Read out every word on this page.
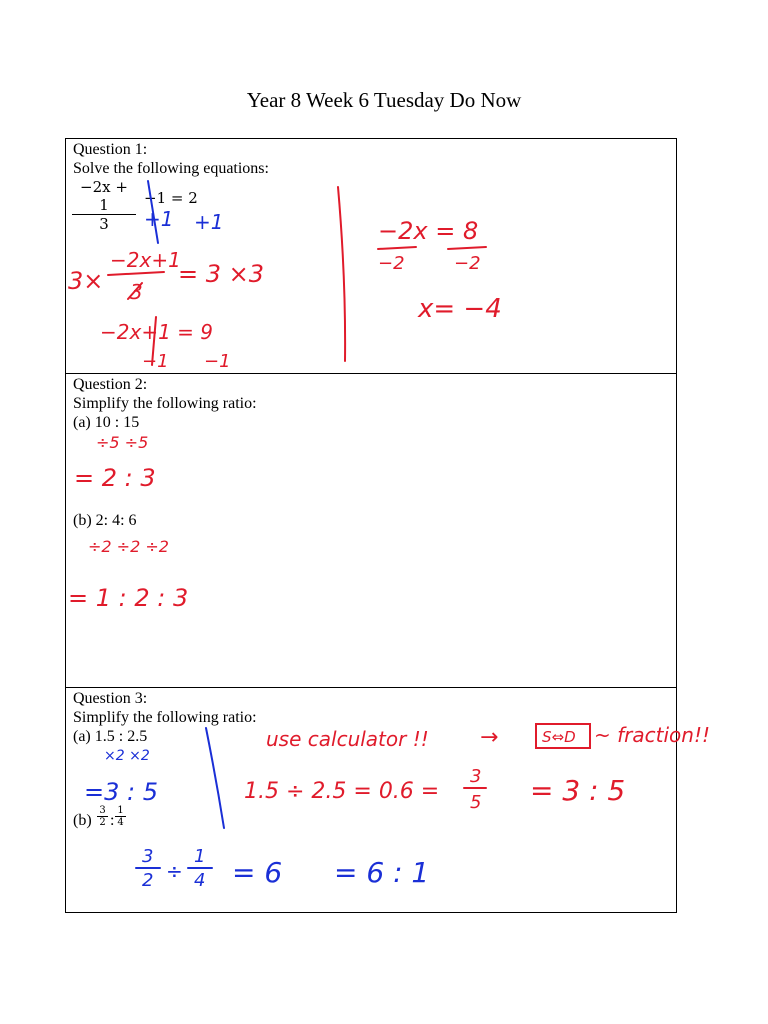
Year 8 Week 6 Tuesday Do Now
Question 1:
Solve the following equations:
$\frac{-2x + 1}{3} -1 = 2$
+1 +1
3×
−2x+1
3
= 3 ×3
−2x+1 = 9
−1 −1
−2x = 8
−2	−2
x= −4
Question 2:
Simplify the following ratio:
(a) 10 : 15
(b) 2: 4: 6
÷5 ÷5
= 2 : 3
÷2 ÷2 ÷2
= 1 : 2 : 3
Question 3:
Simplify the following ratio:
(a) 1.5 : 2.5
$(b) \frac{3}{2}$ : $\frac{1}{4}$
×2 ×2
=3 : 5
use calculator !! →	S⇔D ~ fraction!!
1.5 ÷ 2.5 = 0.6 =
3
5 = 3 : 5
3
2 ÷
1
4 = 6 = 6 : 1
